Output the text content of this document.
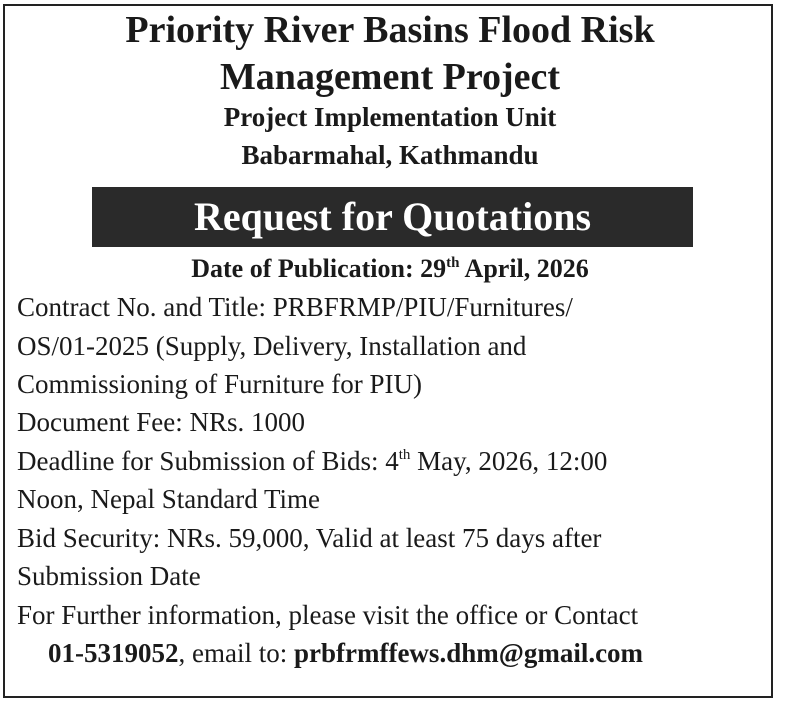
Priority River Basins Flood Risk
Management Project
Project Implementation Unit
Babarmahal, Kathmandu
Request for Quotations
Date of Publication: 29th April, 2026
Contract No. and Title: PRBFRMP/PIU/Furnitures/
OS/01-2025 (Supply, Delivery, Installation and
Commissioning of Furniture for PIU)
Document Fee: NRs. 1000
Deadline for Submission of Bids: 4th May, 2026, 12:00
Noon, Nepal Standard Time
Bid Security: NRs. 59,000, Valid at least 75 days after
Submission Date
For Further information, please visit the office or Contact
01-5319052, email to: prbfrmffews.dhm@gmail.com
